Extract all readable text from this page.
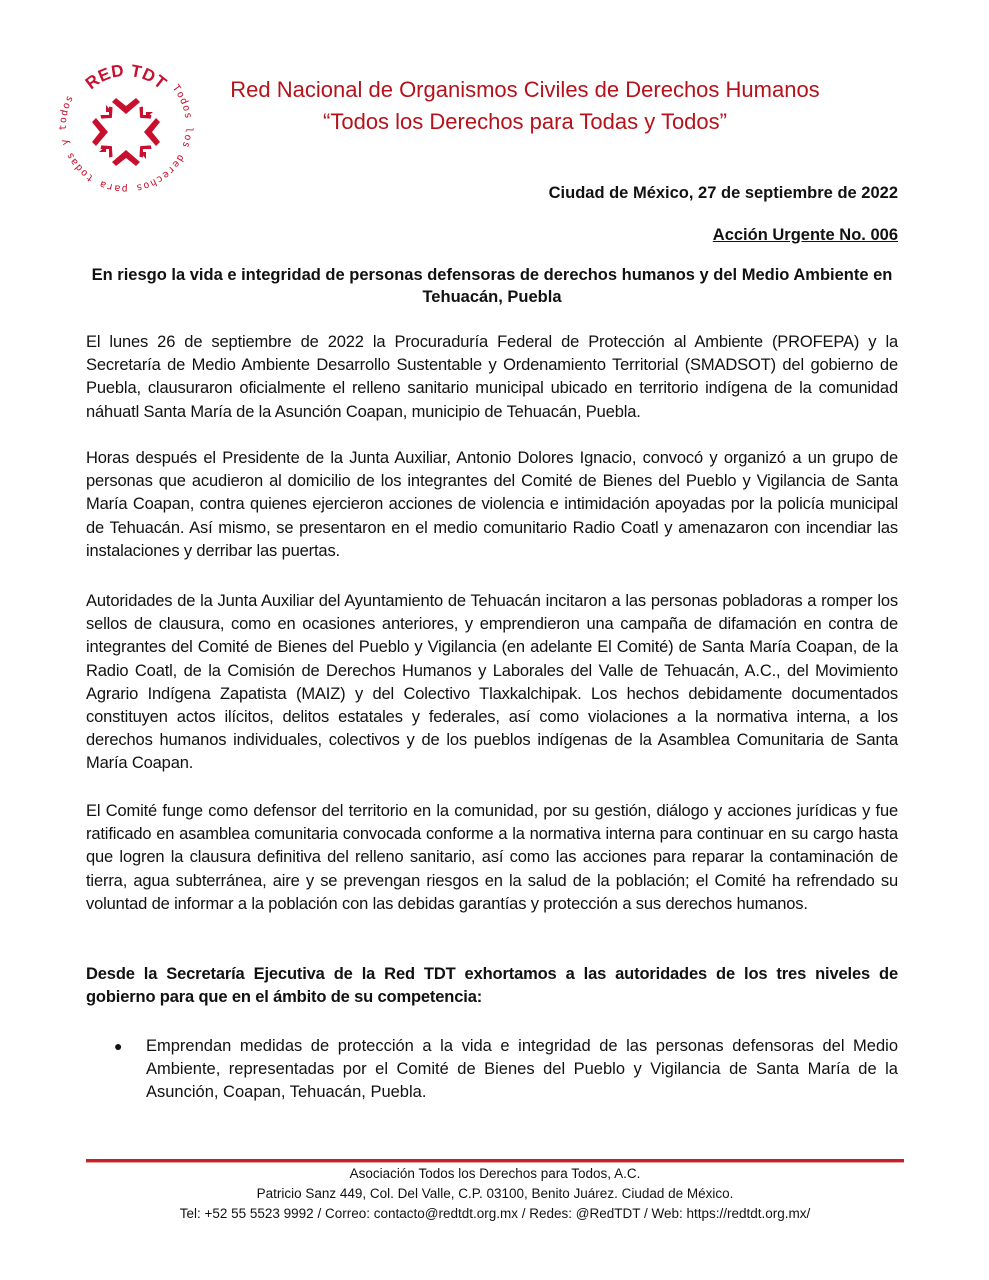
RED TDT Todos los derechos para todas y todos	Red Nacional de Organismos Civiles de Derechos Humanos
“Todos los Derechos para Todas y Todos”
Ciudad de México, 27 de septiembre de 2022
Acción Urgente No. 006
En riesgo la vida e integridad de personas defensoras de derechos humanos y del Medio Ambiente en Tehuacán, Puebla
El lunes 26 de septiembre de 2022 la Procuraduría Federal de Protección al Ambiente (PROFEPA) y la Secretaría de Medio Ambiente Desarrollo Sustentable y Ordenamiento Territorial (SMADSOT) del gobierno de Puebla, clausuraron oficialmente el relleno sanitario municipal ubicado en territorio indígena de la comunidad náhuatl Santa María de la Asunción Coapan, municipio de Tehuacán, Puebla.
Horas después el Presidente de la Junta Auxiliar, Antonio Dolores Ignacio, convocó y organizó a un grupo de personas que acudieron al domicilio de los integrantes del Comité de Bienes del Pueblo y Vigilancia de Santa María Coapan, contra quienes ejercieron acciones de violencia e intimidación apoyadas por la policía municipal de Tehuacán. Así mismo, se presentaron en el medio comunitario Radio Coatl y amenazaron con incendiar las instalaciones y derribar las puertas.
Autoridades de la Junta Auxiliar del Ayuntamiento de Tehuacán incitaron a las personas pobladoras a romper los sellos de clausura, como en ocasiones anteriores, y emprendieron una campaña de difamación en contra de integrantes del Comité de Bienes del Pueblo y Vigilancia (en adelante El Comité) de Santa María Coapan, de la Radio Coatl, de la Comisión de Derechos Humanos y Laborales del Valle de Tehuacán, A.C., del Movimiento Agrario Indígena Zapatista (MAIZ) y del Colectivo Tlaxkalchipak. Los hechos debidamente documentados constituyen actos ilícitos, delitos estatales y federales, así como violaciones a la normativa interna, a los derechos humanos individuales, colectivos y de los pueblos indígenas de la Asamblea Comunitaria de Santa María Coapan.
El Comité funge como defensor del territorio en la comunidad, por su gestión, diálogo y acciones jurídicas y fue ratificado en asamblea comunitaria convocada conforme a la normativa interna para continuar en su cargo hasta que logren la clausura definitiva del relleno sanitario, así como las acciones para reparar la contaminación de tierra, agua subterránea, aire y se prevengan riesgos en la salud de la población; el Comité ha refrendado su voluntad de informar a la población con las debidas garantías y protección a sus derechos humanos.
Desde la Secretaría Ejecutiva de la Red TDT exhortamos a las autoridades de los tres niveles de gobierno para que en el ámbito de su competencia:
● Emprendan medidas de protección a la vida e integridad de las personas defensoras del Medio Ambiente, representadas por el Comité de Bienes del Pueblo y Vigilancia de Santa María de la Asunción, Coapan, Tehuacán, Puebla.
Asociación Todos los Derechos para Todos, A.C.
Patricio Sanz 449, Col. Del Valle, C.P. 03100, Benito Juárez. Ciudad de México.
Tel: +52 55 5523 9992 / Correo: contacto@redtdt.org.mx / Redes: @RedTDT / Web: https://redtdt.org.mx/
